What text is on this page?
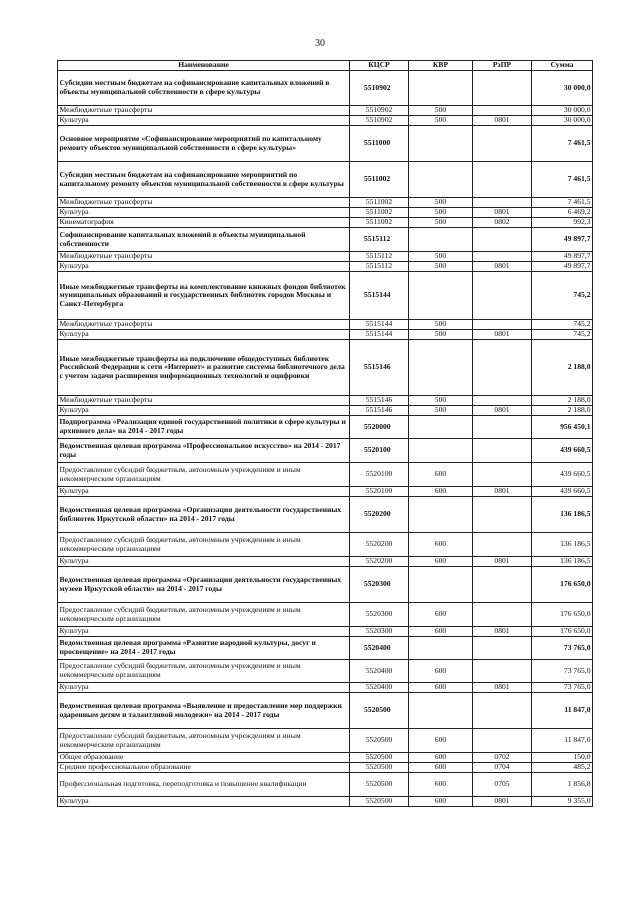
30
Наименование	КЦСР	КВР	РзПР	Сумма
Субсидии местным бюджетам на софинансирование капитальных вложений в объекты муниципальной собственности в сфере культуры	5510902			30 000,0
Межбюджетные трансферты	5510902	500		30 000,0
Культура	5510902	500	0801	30 000,0
Основное мероприятие «Софинансирование мероприятий по капитальному ремонту объектов муниципальной собственности в сфере культуры»	5511000			7 461,5
Субсидии местным бюджетам на софинансирование мероприятий по капитальному ремонту объектов муниципальной собственности в сфере культуры	5511002			7 461,5
Межбюджетные трансферты	5511002	500		7 461,5
Культура	5511002	500	0801	6 469,2
Кинематография	5511002	500	0802	992,3
Софинансирование капитальных вложений в объекты муниципальной собственности	5515112			49 897,7
Межбюджетные трансферты	5515112	500		49 897,7
Культура	5515112	500	0801	49 897,7
Иные межбюджетные трансферты на комплектование книжных фондов библиотек муниципальных образований и государственных библиотек городов Москвы и Санкт-Петербурга	5515144			745,2
Межбюджетные трансферты	5515144	500		745,2
Культура	5515144	500	0801	745,2
Иные межбюджетные трансферты на подключение общедоступных библиотек Российской Федерации к сети «Интернет» и развитие системы библиотечного дела с учетом задачи расширения информационных технологий и оцифровки	5515146			2 188,0
Межбюджетные трансферты	5515146	500		2 188,0
Культура	5515146	500	0801	2 188,0
Подпрограмма «Реализация единой государственной политики в сфере культуры и архивного дела» на 2014 - 2017 годы	5520000			956 450,1
Ведомственная целевая программа «Профессиональное искусство» на 2014 - 2017 годы	5520100			439 660,5
Предоставление субсидий бюджетным, автономным учреждениям и иным некоммерческим организациям	5520100	600		439 660,5
Культура	5520100	600	0801	439 660,5
Ведомственная целевая программа «Организация деятельности государственных библиотек Иркутской области» на 2014 - 2017 годы	5520200			136 186,5
Предоставление субсидий бюджетным, автономным учреждениям и иным некоммерческим организациям	5520200	600		136 186,5
Культура	5520200	600	0801	136 186,5
Ведомственная целевая программа «Организация деятельности государственных музеев Иркутской области» на 2014 - 2017 годы	5520300			176 650,0
Предоставление субсидий бюджетным, автономным учреждениям и иным некоммерческим организациям	5520300	600		176 650,0
Культура	5520300	600	0801	176 650,0
Ведомственная целевая программа «Развитие народной культуры, досуг и просвещение» на 2014 - 2017 годы	5520400			73 765,0
Предоставление субсидий бюджетным, автономным учреждениям и иным некоммерческим организациям	5520400	600		73 765,0
Культура	5520400	600	0801	73 765,0
Ведомственная целевая программа «Выявление и предоставление мер поддержки одаренным детям и талантливой молодежи» на 2014 - 2017 годы	5520500			11 847,0
Предоставление субсидий бюджетным, автономным учреждениям и иным некоммерческим организациям	5520500	600		11 847,0
Общее образование	5520500	600	0702	150,0
Среднее профессиональное образование	5520500	600	0704	485,2
Профессиональная подготовка, переподготовка и повышение квалификации	5520500	600	0705	1 856,8
Культура	5520500	600	0801	9 355,0
